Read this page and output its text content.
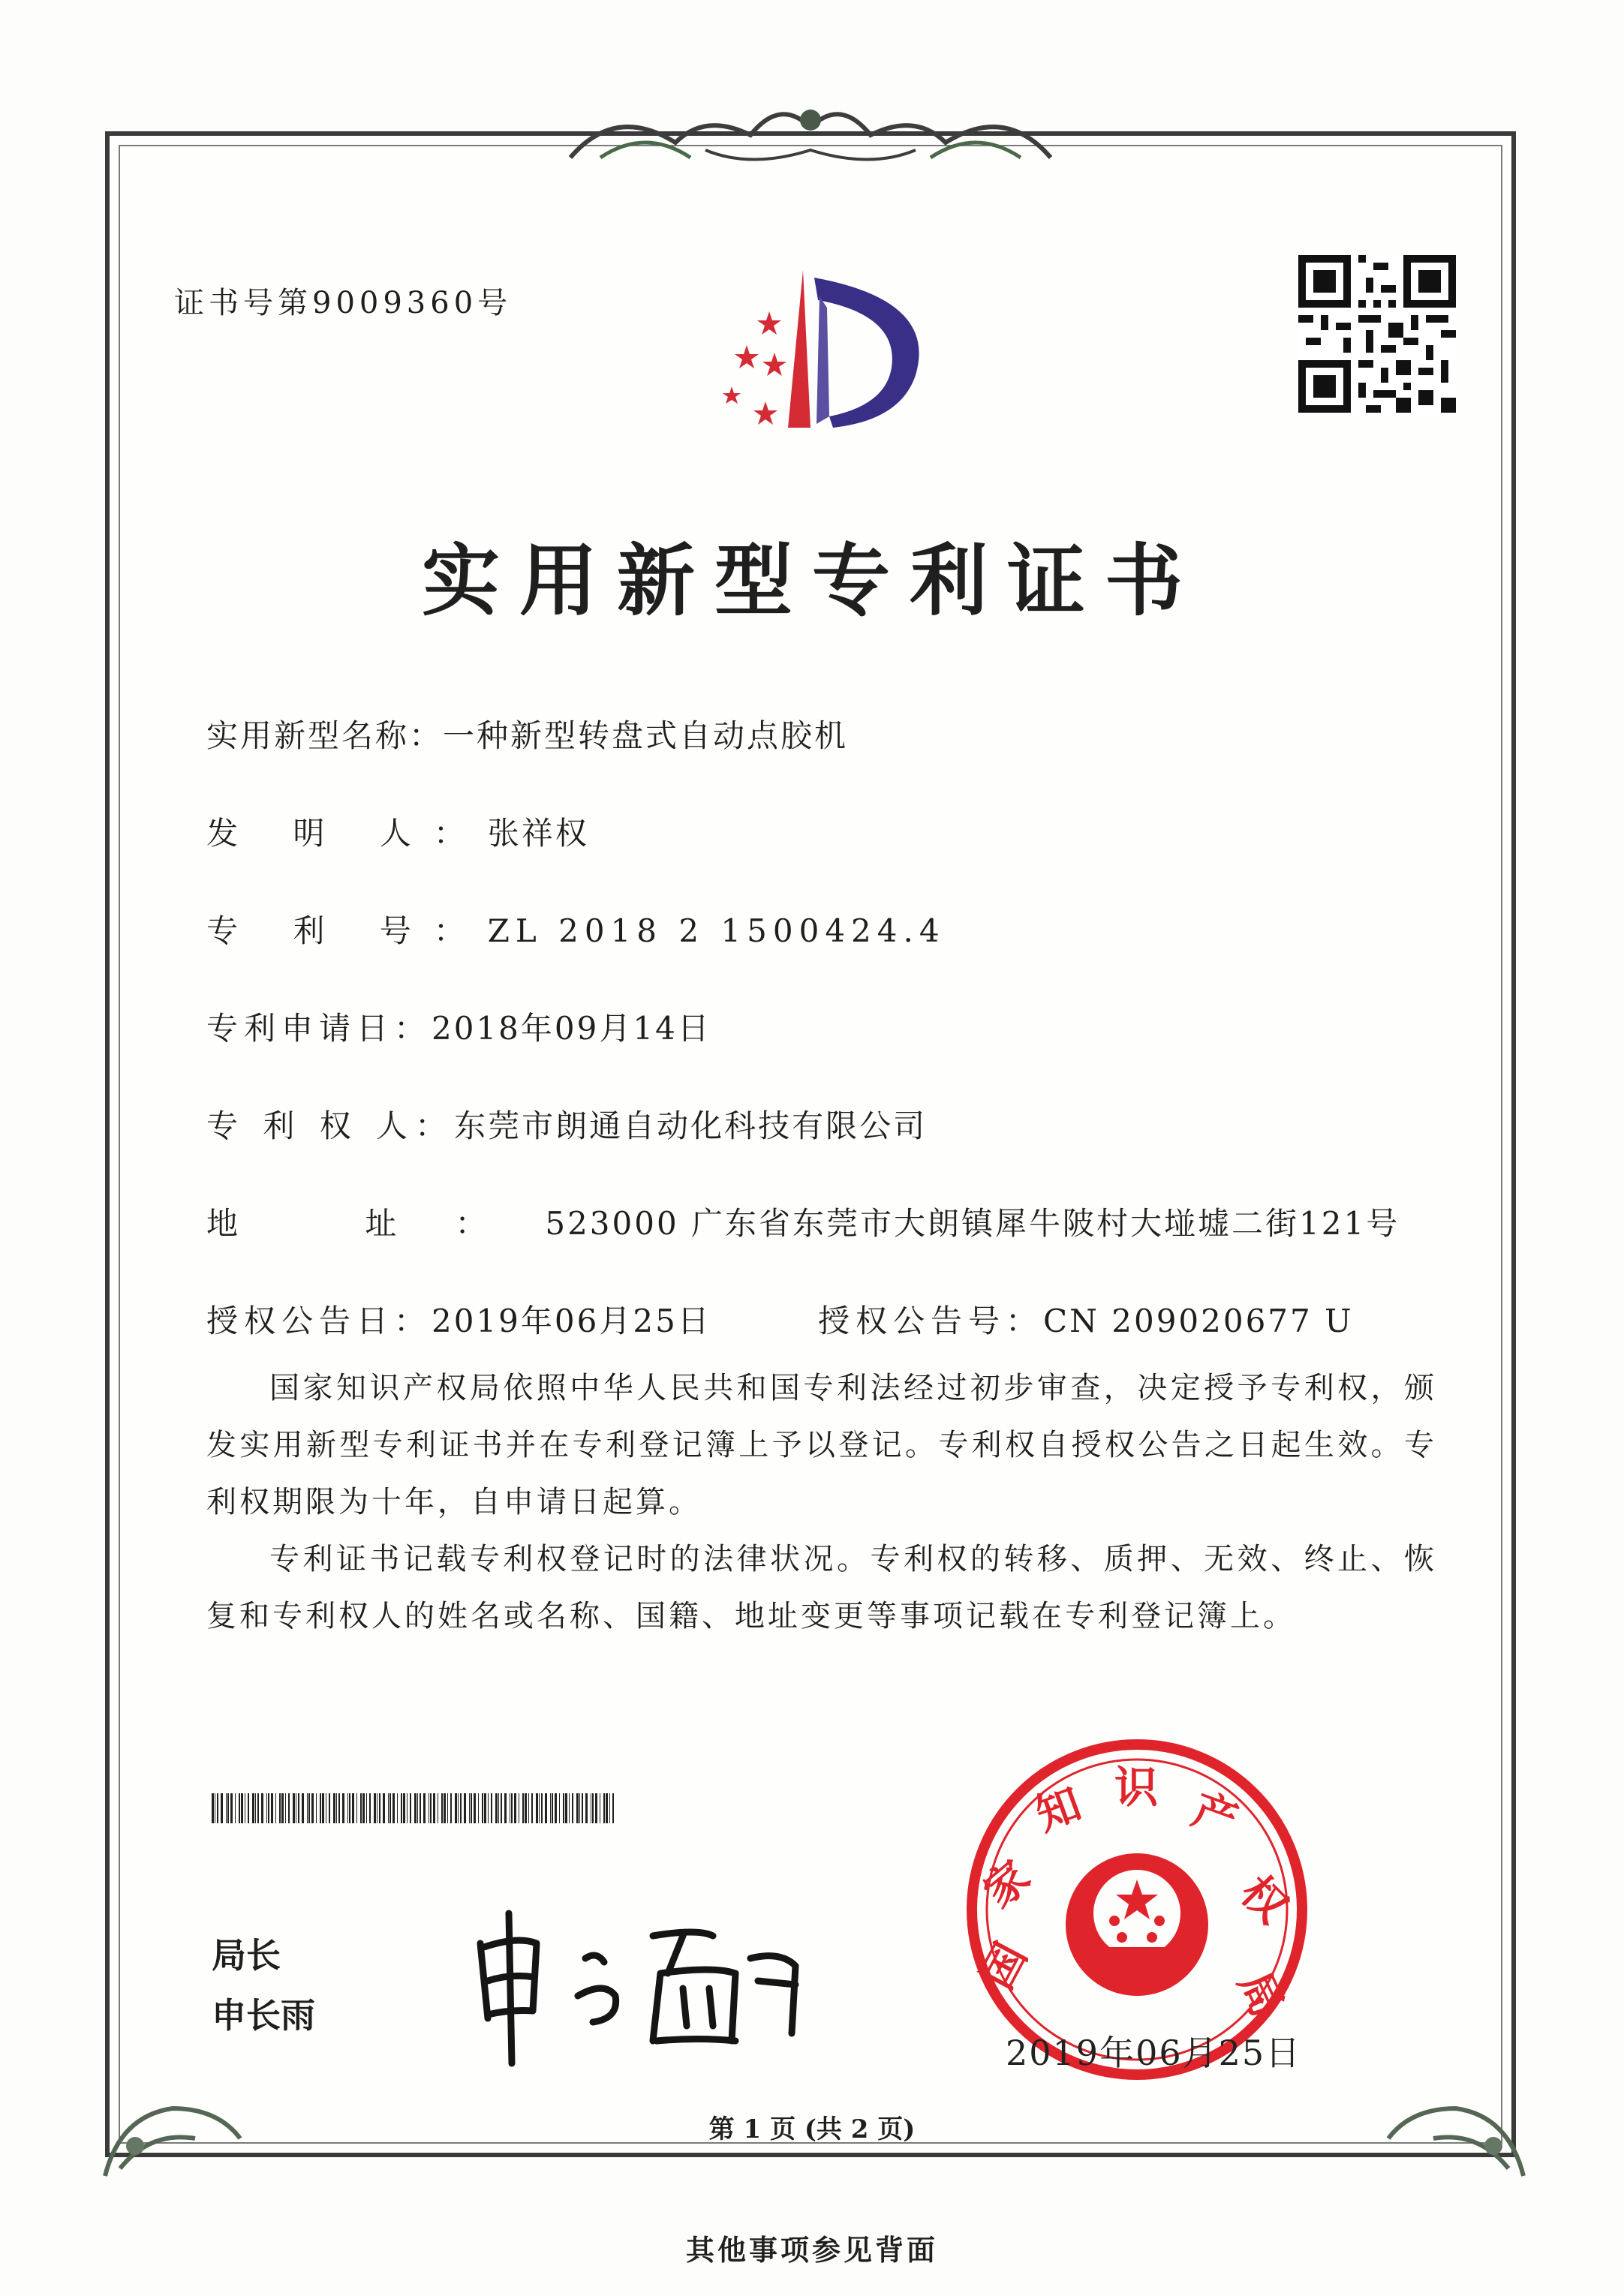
证书号第9009360号
实用新型专利证书
实用新型名称：一种新型转盘式自动点胶机
发 明 人：张祥权
专 利 号：ZL 2018 2 1500424.4
专利申请日：2018年09月14日
专 利 权 人：东莞市朗通自动化科技有限公司
地 址：523000 广东省东莞市大朗镇犀牛陂村大𡌶墟二街121号
授权公告日：2019年06月25日	授权公告号：CN 209020677 U
国家知识产权局依照中华人民共和国专利法经过初步审查，决定授予专利权，颁发实用新型专利证书并在专利登记簿上予以登记。专利权自授权公告之日起生效。专利权期限为十年，自申请日起算。
专利证书记载专利权登记时的法律状况。专利权的转移、质押、无效、终止、恢复和专利权人的姓名或名称、国籍、地址变更等事项记载在专利登记簿上。
局长
申长雨
国
家
知 识 产
权
局
2019年06月25日
第 1 页 (共 2 页)
其他事项参见背面
